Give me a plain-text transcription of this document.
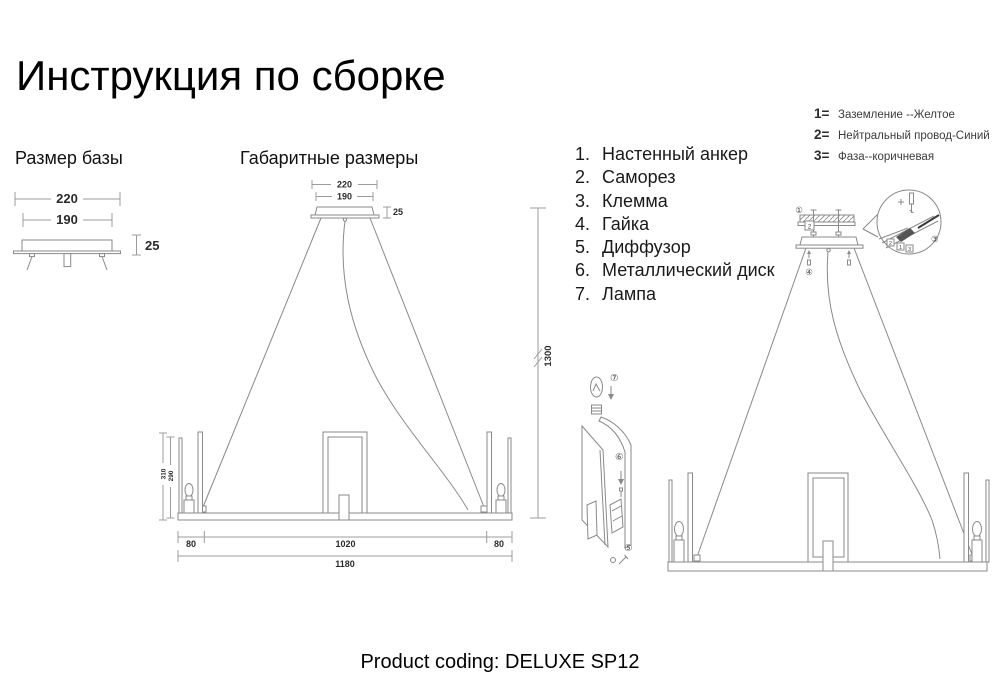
220
190
25
220
190
25
310 290
80	1020	80
1180
1300
⑦
⑥
⑤
①
2
2
1 3
③
④
Инструкция по сборке
Размер базы	Габаритные размеры	1. Настенный анкер
2. Саморез
3. Клемма
4. Гайка
5. Диффузор
6. Металлический диск
7. Лампа
1= Заземление --Желтое
2= Нейтральный провод-Синий
3= Фаза--коричневая
Product coding: DELUXE SP12
